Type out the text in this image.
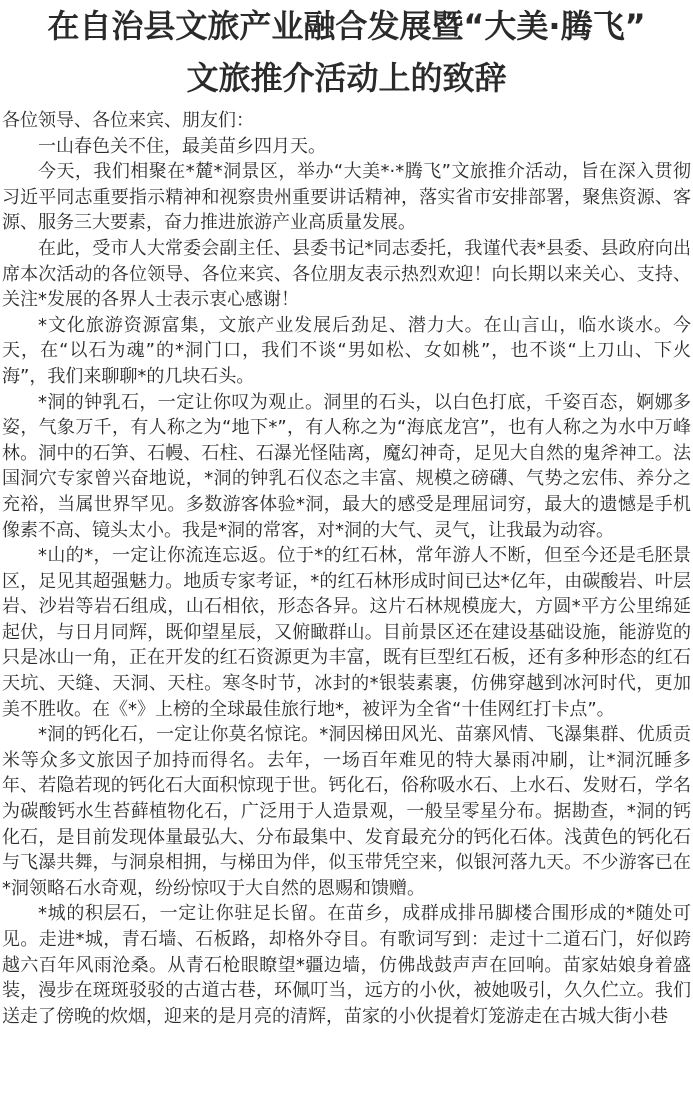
在自治县文旅产业融合发展暨“大美·腾飞”
文旅推介活动上的致辞

各位领导、各位来宾、朋友们：

一山春色关不住，最美苗乡四月天。

今天，我们相聚在*麓*洞景区，举办“大美*·*腾飞”文旅推介活动，旨在深入贯彻习近平同志重要指示精神和视察贵州重要讲话精神，落实省市安排部署，聚焦资源、客源、服务三大要素，奋力推进旅游产业高质量发展。

在此，受市人大常委会副主任、县委书记*同志委托，我谨代表*县委、县政府向出席本次活动的各位领导、各位来宾、各位朋友表示热烈欢迎！向长期以来关心、支持、关注*发展的各界人士表示衷心感谢！

*文化旅游资源富集，文旅产业发展后劲足、潜力大。在山言山，临水谈水。今天，在“以石为魂”的*洞门口，我们不谈“男如松、女如桃”，也不谈“上刀山、下火海”，我们来聊聊*的几块石头。

*洞的钟乳石，一定让你叹为观止。洞里的石头，以白色打底，千姿百态，婀娜多姿，气象万千，有人称之为“地下*”，有人称之为“海底龙宫”，也有人称之为水中万峰林。洞中的石笋、石幔、石柱、石瀑光怪陆离，魔幻神奇，足见大自然的鬼斧神工。法国洞穴专家曾兴奋地说，*洞的钟乳石仪态之丰富、规模之磅礴、气势之宏伟、养分之充裕，当属世界罕见。多数游客体验*洞，最大的感受是理屈词穷，最大的遗憾是手机像素不高、镜头太小。我是*洞的常客，对*洞的大气、灵气，让我最为动容。

*山的*，一定让你流连忘返。位于*的红石林，常年游人不断，但至今还是毛胚景区，足见其超强魅力。地质专家考证，*的红石林形成时间已达*亿年，由碳酸岩、叶层岩、沙岩等岩石组成，山石相依，形态各异。这片石林规模庞大，方圆*平方公里绵延起伏，与日月同辉，既仰望星辰，又俯瞰群山。目前景区还在建设基础设施，能游览的只是冰山一角，正在开发的红石资源更为丰富，既有巨型红石板，还有多种形态的红石天坑、天缝、天洞、天柱。寒冬时节，冰封的*银装素裹，仿佛穿越到冰河时代，更加美不胜收。在《*》上榜的全球最佳旅行地*，被评为全省“十佳网红打卡点”。

*洞的钙化石，一定让你莫名惊诧。*洞因梯田风光、苗寨风情、飞瀑集群、优质贡米等众多文旅因子加持而得名。去年，一场百年难见的特大暴雨冲刷，让*洞沉睡多年、若隐若现的钙化石大面积惊现于世。钙化石，俗称吸水石、上水石、发财石，学名为碳酸钙水生苔藓植物化石，广泛用于人造景观，一般呈零星分布。据勘查，*洞的钙化石，是目前发现体量最弘大、分布最集中、发育最充分的钙化石体。浅黄色的钙化石与飞瀑共舞，与洞泉相拥，与梯田为伴，似玉带凭空来，似银河落九天。不少游客已在*洞领略石水奇观，纷纷惊叹于大自然的恩赐和馈赠。

*城的积层石，一定让你驻足长留。在苗乡，成群成排吊脚楼合围形成的*随处可见。走进*城，青石墙、石板路，却格外夺目。有歌词写到：走过十二道石门，好似跨越六百年风雨沧桑。从青石枪眼瞭望*疆边墙，仿佛战鼓声声在回响。苗家姑娘身着盛装，漫步在斑斑驳驳的古道古巷，环佩叮当，远方的小伙，被她吸引，久久伫立。我们送走了傍晚的炊烟，迎来的是月亮的清辉，苗家的小伙提着灯笼游走在古城大街小巷
